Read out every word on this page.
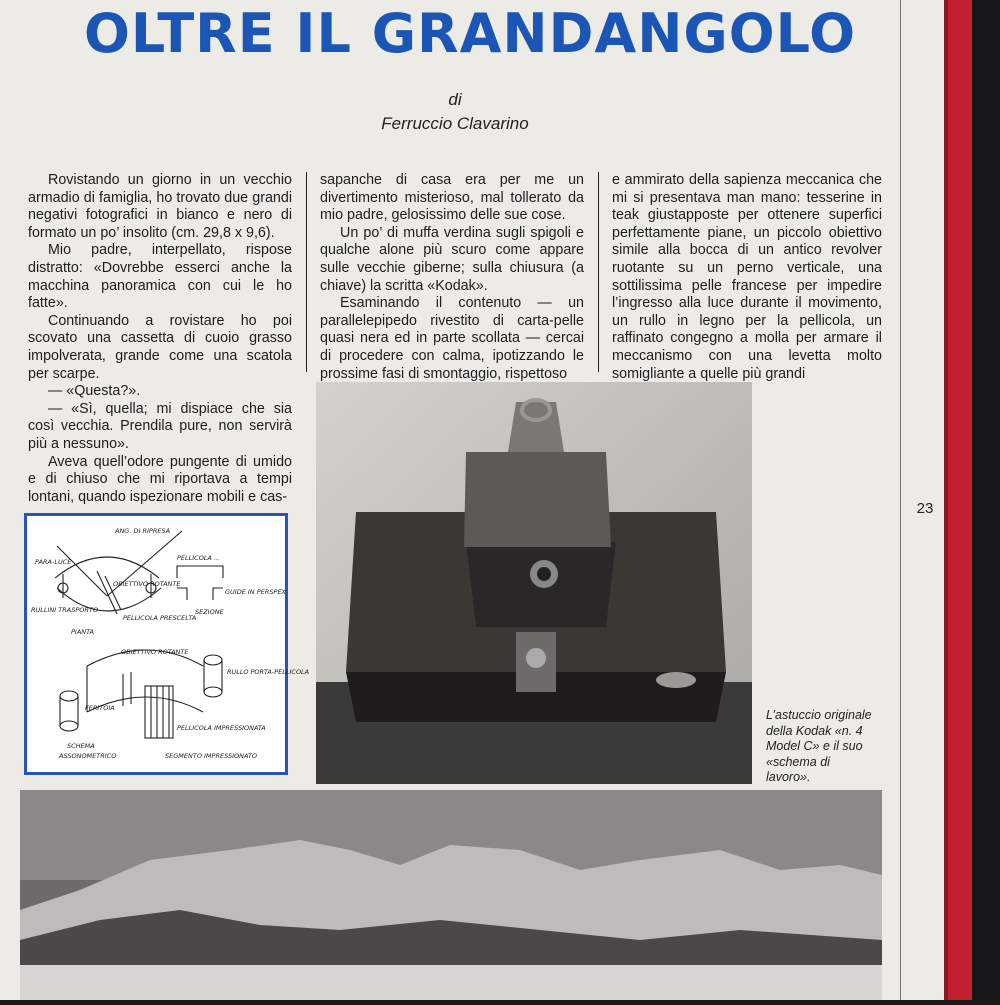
OLTRE IL GRANDANGOLO
di
Ferruccio Clavarino

Rovistando un giorno in un vecchio armadio di famiglia, ho trovato due grandi negativi fotografici in bianco e nero di formato un po’ insolito (cm. 29,8 x 9,6).

Mio padre, interpellato, rispose distratto: «Dovrebbe esserci anche la macchina panoramica con cui le ho fatte».

Continuando a rovistare ho poi scovato una cassetta di cuoio grasso impolverata, grande come una scatola per scarpe.

— «Questa?».

— «Sì, quella; mi dispiace che sia così vecchia. Prendila pure, non servirà più a nessuno».

Aveva quell’odore pungente di umido e di chiuso che mi riportava a tempi lontani, quando ispezionare mobili e cas-

sapanche di casa era per me un divertimento misterioso, mal tollerato da mio padre, gelosissimo delle sue cose.

Un po’ di muffa verdina sugli spigoli e qualche alone più scuro come appare sulle vecchie giberne; sulla chiusura (a chiave) la scritta «Kodak».

Esaminando il contenuto — un parallelepipedo rivestito di carta-pelle quasi nera ed in parte scollata — cercai di procedere con calma, ipotizzando le prossime fasi di smontaggio, rispettoso

e ammirato della sapienza meccanica che mi si presentava man mano: tesserine in teak giustapposte per ottenere superfici perfettamente piane, un piccolo obiettivo simile alla bocca di un antico revolver ruotante su un perno verticale, una sottilissima pelle francese per impedire l’ingresso alla luce durante il movimento, un rullo in legno per la pellicola, un raffinato congegno a molla per armare il meccanismo con una levetta molto somigliante a quelle più grandi

ANG. DI RIPRESA
PARA-LUCE	PELLICOLA ...
OBIETTIVO ROTANTE
GUIDE IN PERSPEX
RULLINI TRASPORTO
PELLICOLA PRESCELTA
SEZIONE
PIANTA
OBIETTIVO ROTANTE
RULLO PORTA-PELLICOLA
FERITOIA
PELLICOLA IMPRESSIONATA
SCHEMA
ASSONOMETRICO	SEGMENTO IMPRESSIONATO
L’astuccio originale della Kodak «n. 4 Model C» e il suo «schema di lavoro».
23
